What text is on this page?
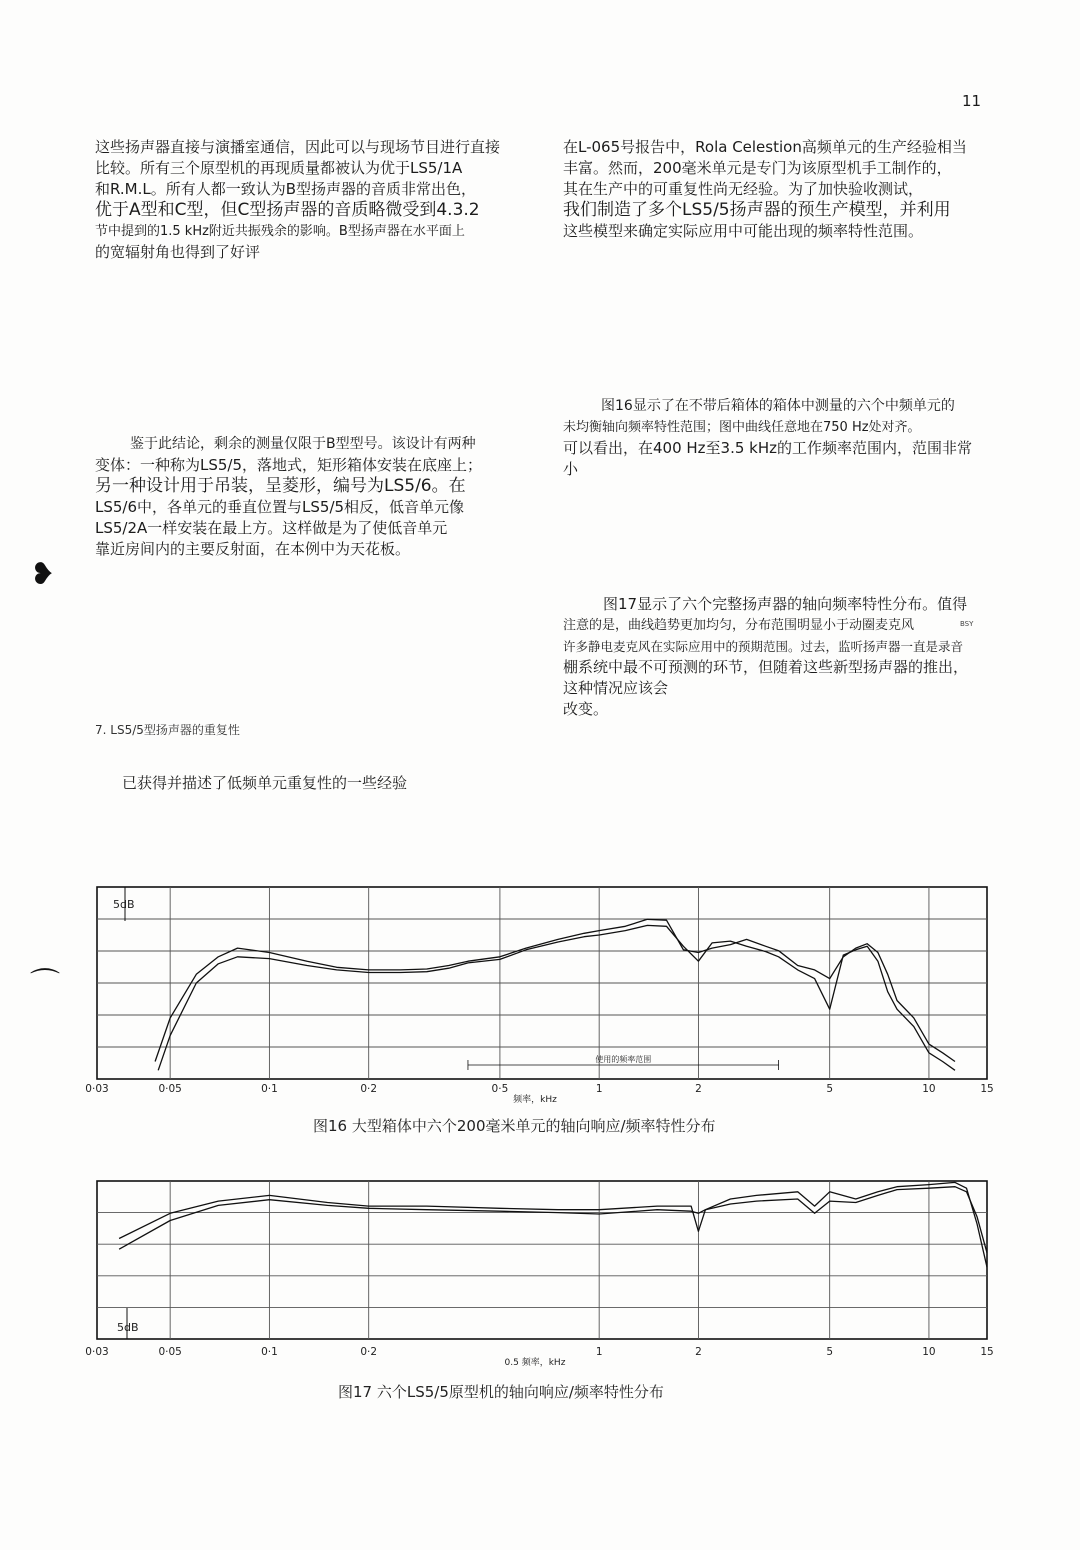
11
这些扬声器直接与演播室通信，因此可以与现场节目进行直接
比较。所有三个原型机的再现质量都被认为优于LS5/1A
和R.M.L。所有人都一致认为B型扬声器的音质非常出色，
优于A型和C型，但C型扬声器的音质略微受到4.3.2
节中提到的1.5 kHz附近共振残余的影响。B型扬声器在水平面上
的宽辐射角也得到了好评
鉴于此结论，剩余的测量仅限于B型型号。该设计有两种
变体：一种称为LS5/5，落地式，矩形箱体安装在底座上；
另一种设计用于吊装，呈菱形，编号为LS5/6。在
LS5/6中，各单元的垂直位置与LS5/5相反，低音单元像
LS5/2A一样安装在最上方。这样做是为了使低音单元
靠近房间内的主要反射面，在本例中为天花板。
7. LS5/5型扬声器的重复性
已获得并描述了低频单元重复性的一些经验
在L-065号报告中，Rola Celestion高频单元的生产经验相当
丰富。然而，200毫米单元是专门为该原型机手工制作的，
其在生产中的可重复性尚无经验。为了加快验收测试，
我们制造了多个LS5/5扬声器的预生产模型，并利用
这些模型来确定实际应用中可能出现的频率特性范围。
图16显示了在不带后箱体的箱体中测量的六个中频单元的
未均衡轴向频率特性范围；图中曲线任意地在750 Hz处对齐。
可以看出，在400 Hz至3.5 kHz的工作频率范围内，范围非常
小
图17显示了六个完整扬声器的轴向频率特性分布。值得
注意的是，曲线趋势更加均匀，分布范围明显小于动圈麦克风
许多静电麦克风在实际应用中的预期范围。过去，监听扬声器一直是录音
棚系统中最不可预测的环节，但随着这些新型扬声器的推出，
这种情况应该会
改变。
BSY
❥
⌒
5dB
使用的频率范围
0·03	0·05	0·1	0·2	0·5	1	2	5	10	15
频率，kHz
图16 大型箱体中六个200毫米单元的轴向响应/频率特性分布
5dB
0·03	0·05	0·1	0·2	1	2	5	10	15
0.5 频率，kHz
图17 六个LS5/5原型机的轴向响应/频率特性分布
